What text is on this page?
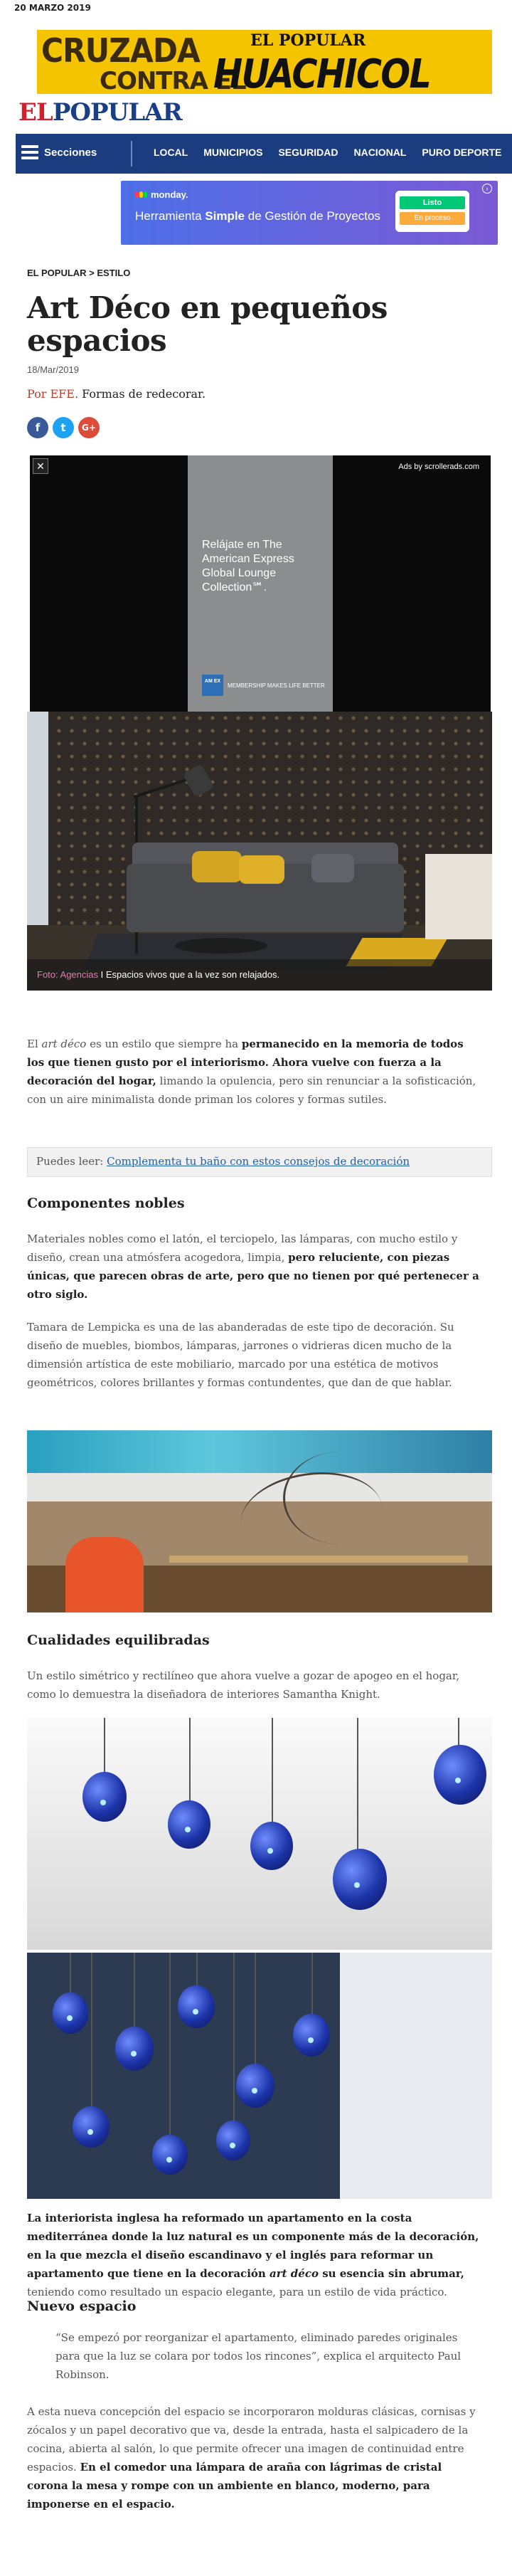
20 MARZO 2019
CRUZADA
CONTRA EL
EL POPULAR
HUACHICOL
ELPOPULAR
Secciones	LOCAL MUNICIPIOS SEGURIDAD NACIONAL PURO DEPORTE
monday.
Herramienta Simple de Gestión de Proyectos
Listo
En proceso
›
EL POPULAR > ESTILO
Art Déco en pequeños espacios
18/Mar/2019
Por EFE. Formas de redecorar.
f	t	G+
✕	Ads by scrollerads.com
Relájate en The American Express Global Lounge Collection℠.
AM EX
MEMBERSHIP MAKES LIFE BETTER
Foto: Agencias I Espacios vivos que a la vez son relajados.

El art déco es un estilo que siempre ha permanecido en la memoria de todos los que tienen gusto por el interiorismo. Ahora vuelve con fuerza a la decoración del hogar, limando la opulencia, pero sin renunciar a la sofisticación, con un aire minimalista donde priman los colores y formas sutiles.

Puedes leer: Complementa tu baño con estos consejos de decoración
Componentes nobles

Materiales nobles como el latón, el terciopelo, las lámparas, con mucho estilo y diseño, crean una atmósfera acogedora, limpia, pero reluciente, con piezas únicas, que parecen obras de arte, pero que no tienen por qué pertenecer a otro siglo.

Tamara de Lempicka es una de las abanderadas de este tipo de decoración. Su diseño de muebles, biombos, lámparas, jarrones o vidrieras dicen mucho de la dimensión artística de este mobiliario, marcado por una estética de motivos geométricos, colores brillantes y formas contundentes, que dan de que hablar.

Cualidades equilibradas

Un estilo simétrico y rectilíneo que ahora vuelve a gozar de apogeo en el hogar, como lo demuestra la diseñadora de interiores Samantha Knight.

La interiorista inglesa ha reformado un apartamento en la costa mediterránea donde la luz natural es un componente más de la decoración, en la que mezcla el diseño escandinavo y el inglés para reformar un apartamento que tiene en la decoración art déco su esencia sin abrumar, teniendo como resultado un espacio elegante, para un estilo de vida práctico.

Nuevo espacio

“Se empezó por reorganizar el apartamento, eliminado paredes originales para que la luz se colara por todos los rincones”, explica el arquitecto Paul Robinson.

A esta nueva concepción del espacio se incorporaron molduras clásicas, cornisas y zócalos y un papel decorativo que va, desde la entrada, hasta el salpicadero de la cocina, abierta al salón, lo que permite ofrecer una imagen de continuidad entre espacios. En el comedor una lámpara de araña con lágrimas de cristal corona la mesa y rompe con un ambiente en blanco, moderno, para imponerse en el espacio.
